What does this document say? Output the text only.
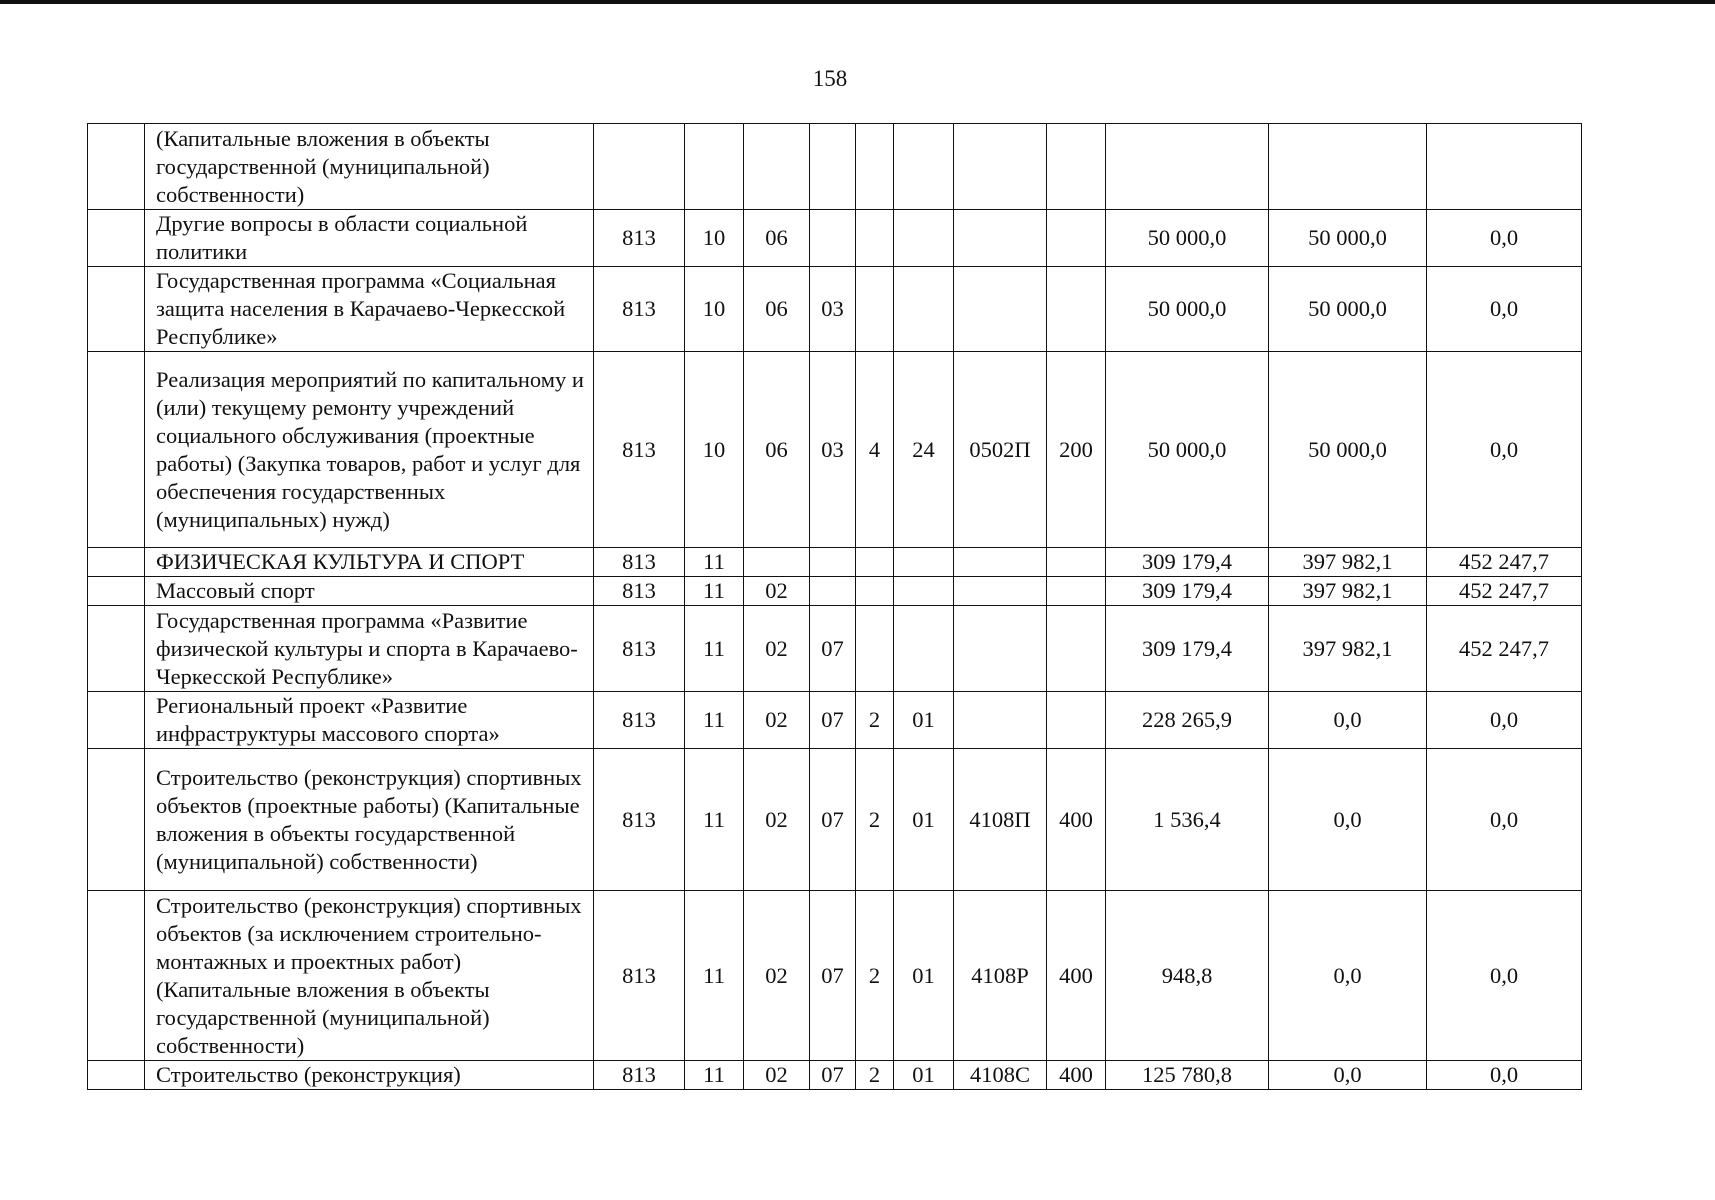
158
	(Капитальные вложения в объекты государственной (муниципальной) собственности)											
	Другие вопросы в области социальной политики	813	10	06						50 000,0	50 000,0	0,0
	Государственная программа «Социальная защита населения в Карачаево-Черкесской Республике»	813	10	06	03					50 000,0	50 000,0	0,0
	Реализация мероприятий по капитальному и (или) текущему ремонту учреждений социального обслуживания (проектные работы) (Закупка товаров, работ и услуг для обеспечения государственных (муниципальных) нужд)	813	10	06	03	4	24	0502П	200	50 000,0	50 000,0	0,0
	ФИЗИЧЕСКАЯ КУЛЬТУРА И СПОРТ	813	11							309 179,4	397 982,1	452 247,7
	Массовый спорт	813	11	02						309 179,4	397 982,1	452 247,7
	Государственная программа «Развитие физической культуры и спорта в Карачаево-Черкесской Республике»	813	11	02	07					309 179,4	397 982,1	452 247,7
	Региональный проект «Развитие инфраструктуры массового спорта»	813	11	02	07	2	01			228 265,9	0,0	0,0
	Строительство (реконструкция) спортивных объектов (проектные работы) (Капитальные вложения в объекты государственной (муниципальной) собственности)	813	11	02	07	2	01	4108П	400	1 536,4	0,0	0,0
	Строительство (реконструкция) спортивных объектов (за исключением строительно-монтажных и проектных работ) (Капитальные вложения в объекты государственной (муниципальной) собственности)	813	11	02	07	2	01	4108Р	400	948,8	0,0	0,0
	Строительство (реконструкция)	813	11	02	07	2	01	4108С	400	125 780,8	0,0	0,0
